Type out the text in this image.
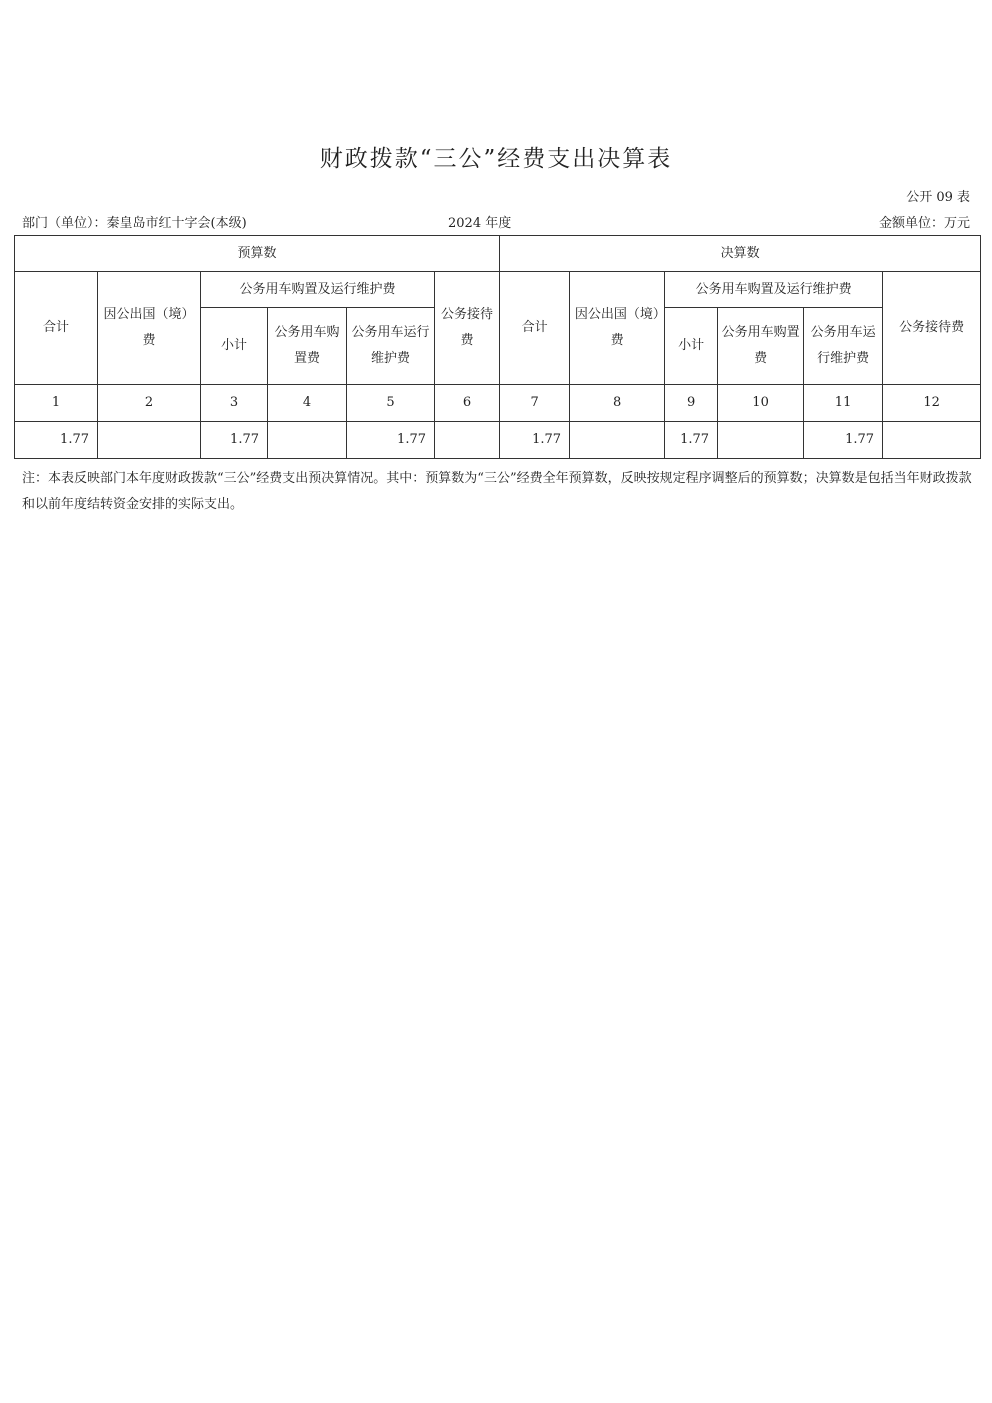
财政拨款“三公”经费支出决算表
公开 09 表
部门（单位）：秦皇岛市红十字会(本级)	2024 年度	金额单位：万元
预算数						决算数					
合计	因公出国（境）费	公务用车购置及运行维护费			公务接待费	合计	因公出国（境）费	公务用车购置及运行维护费			公务接待费
		小计	公务用车购置费	公务用车运行维护费				小计	公务用车购置费	公务用车运行维护费	
1	2	3	4	5	6	7	8	9	10	11	12
1.77		1.77		1.77		1.77		1.77		1.77	
注：本表反映部门本年度财政拨款“三公”经费支出预决算情况。其中：预算数为“三公”经费全年预算数，反映按规定程序调整后的预算数；决算数是包括当年财政拨款和以前年度结转资金安排的实际支出。
